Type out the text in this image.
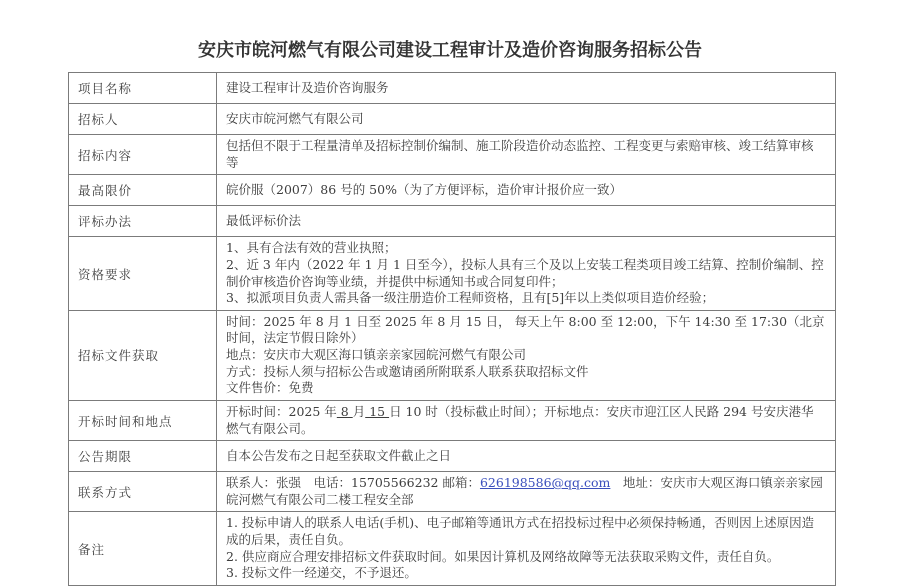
安庆市皖河燃气有限公司建设工程审计及造价咨询服务招标公告
项目名称	建设工程审计及造价咨询服务

招标人	安庆市皖河燃气有限公司

招标内容	包括但不限于工程量清单及招标控制价编制、施工阶段造价动态监控、工程变更与索赔审核、竣工结算审核等

最高限价	皖价服（2007）86 号的 50%（为了方便评标，造价审计报价应一致）

评标办法	最低评标价法

资格要求	1、具有合法有效的营业执照；
2、近 3 年内（2022 年 1 月 1 日至今），投标人具有三个及以上安装工程类项目竣工结算、控制价编制、控制价审核造价咨询等业绩，并提供中标通知书或合同复印件；
3、拟派项目负责人需具备一级注册造价工程师资格，且有[5]年以上类似项目造价经验；

招标文件获取	时间：2025 年 8 月 1 日至 2025 年 8 月 15 日， 每天上午 8:00 至 12:00，下午 14:30 至 17:30（北京时间，法定节假日除外）
地点：安庆市大观区海口镇亲亲家园皖河燃气有限公司
方式：投标人须与招标公告或邀请函所附联系人联系获取招标文件
文件售价：免费

开标时间和地点	开标时间：2025 年 8 月 15 日 10 时（投标截止时间）；开标地点：安庆市迎江区人民路 294 号安庆港华燃气有限公司。

公告期限	自本公告发布之日起至获取文件截止之日

联系方式	联系人：张强　电话：15705566232 邮箱：626198586@qq.com　地址：安庆市大观区海口镇亲亲家园皖河燃气有限公司二楼工程安全部

备注	1. 投标申请人的联系人电话(手机)、电子邮箱等通讯方式在招投标过程中必须保持畅通，否则因上述原因造成的后果，责任自负。
2. 供应商应合理安排招标文件获取时间。如果因计算机及网络故障等无法获取采购文件，责任自负。
3. 投标文件一经递交，不予退还。
